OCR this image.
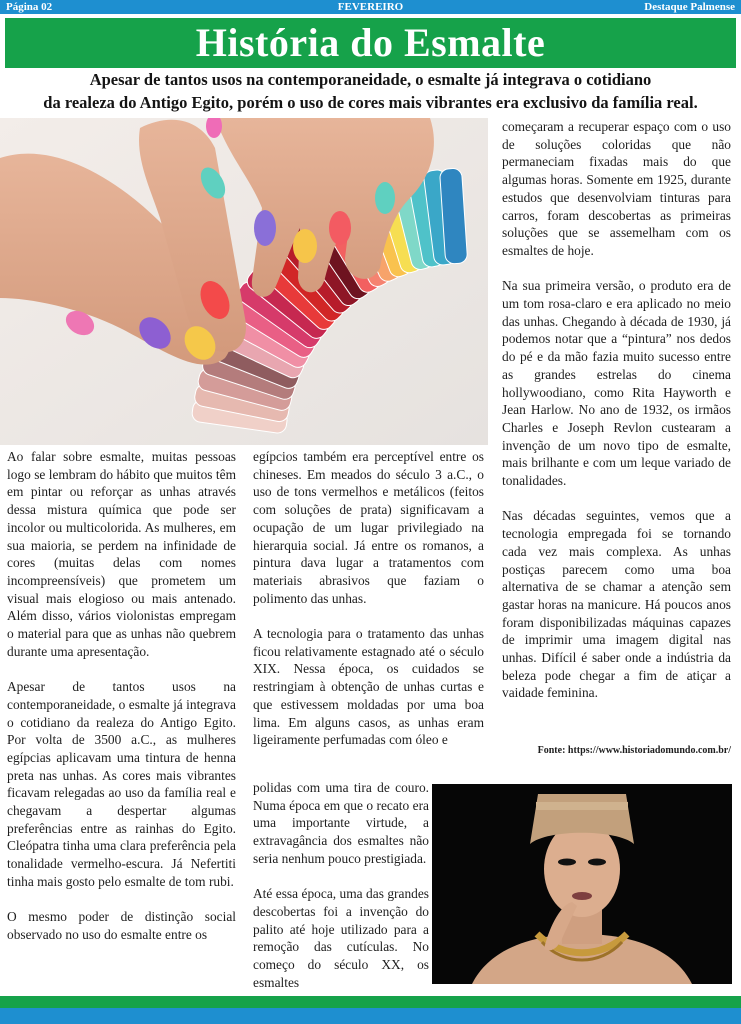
FEVEREIRO
Página 02	Destaque Palmense
História do Esmalte
Apesar de tantos usos na contemporaneidade, o esmalte já integrava o cotidiano
da realeza do Antigo Egito, porém o uso de cores mais vibrantes era exclusivo da família real.

Ao falar sobre esmalte, muitas pessoas logo se lembram do hábito que muitos têm em pintar ou reforçar as unhas através dessa mistura química que pode ser incolor ou multicolorida. As mulheres, em sua maioria, se perdem na infinidade de cores (muitas delas com nomes incompreensíveis) que prometem um visual mais elogioso ou mais antenado. Além disso, vários violonistas empregam o material para que as unhas não quebrem durante uma apresentação.

Apesar de tantos usos na contemporaneidade, o esmalte já integrava o cotidiano da realeza do Antigo Egito. Por volta de 3500 a.C., as mulheres egípcias aplicavam uma tintura de henna preta nas unhas. As cores mais vibrantes ficavam relegadas ao uso da família real e chegavam a despertar algumas preferências entre as rainhas do Egito. Cleópatra tinha uma clara preferência pela tonalidade vermelho-escura. Já Nefertiti tinha mais gosto pelo esmalte de tom rubi.

O mesmo poder de distinção social observado no uso do esmalte entre os

egípcios também era perceptível entre os chineses. Em meados do século 3 a.C., o uso de tons vermelhos e metálicos (feitos com soluções de prata) significavam a ocupação de um lugar privilegiado na hierarquia social. Já entre os romanos, a pintura dava lugar a tratamentos com materiais abrasivos que faziam o polimento das unhas.

A tecnologia para o tratamento das unhas ficou relativamente estagnado até o século XIX. Nessa época, os cuidados se restringiam à obtenção de unhas curtas e que estivessem moldadas por uma boa lima. Em alguns casos, as unhas eram ligeiramente perfumadas com óleo e

polidas com uma tira de couro. Numa época em que o recato era uma importante virtude, a extravagância dos esmaltes não seria nenhum pouco prestigiada.

Até essa época, uma das grandes descobertas foi a invenção do palito até hoje utilizado para a remoção das cutículas. No começo do século XX, os esmaltes

começaram a recuperar espaço com o uso de soluções coloridas que não permaneciam fixadas mais do que algumas horas. Somente em 1925, durante estudos que desenvolviam tinturas para carros, foram descobertas as primeiras soluções que se assemelham com os esmaltes de hoje.

Na sua primeira versão, o produto era de um tom rosa-claro e era aplicado no meio das unhas. Chegando à década de 1930, já podemos notar que a “pintura” nos dedos do pé e da mão fazia muito sucesso entre as grandes estrelas do cinema hollywoodiano, como Rita Hayworth e Jean Harlow. No ano de 1932, os irmãos Charles e Joseph Revlon custearam a invenção de um novo tipo de esmalte, mais brilhante e com um leque variado de tonalidades.

Nas décadas seguintes, vemos que a tecnologia empregada foi se tornando cada vez mais complexa. As unhas postiças parecem como uma boa alternativa de se chamar a atenção sem gastar horas na manicure. Há poucos anos foram disponibilizadas máquinas capazes de imprimir uma imagem digital nas unhas. Difícil é saber onde a indústria da beleza pode chegar a fim de atiçar a vaidade feminina.

Fonte: https://www.historiadomundo.com.br/
